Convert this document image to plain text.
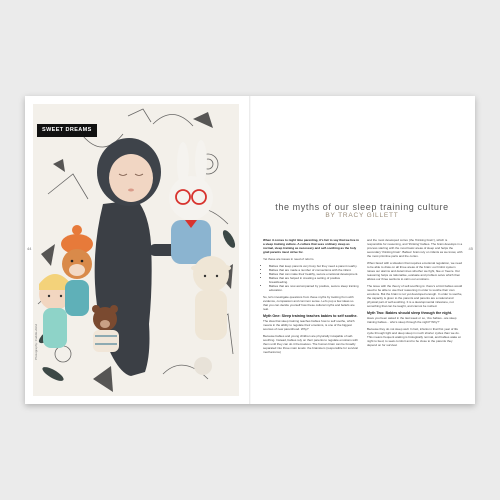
SWEET DREAMS
Photography: Cuddle+Kind
44	45
the myths of our sleep training culture
BY TRACY GILLETT

When it comes to night time parenting, it's fair to say that we live in a sleep training culture. A culture that sees ordinary sleep as normal, sleep training as necessary and self-soothing as the holy grail parents must strive for.

Yet these are issues in need of reform.

• Babies that keep parents very busy but they need a parent nearby.
• Babies that are made a number of connections with the infant.
• Babies that can make their healthy, secure emotional development.
• Babies that are helped in creating a setting of positive breastfeeding.
• Babies that are now accompanied by positive, secure sleep training education.

So, let's investigate questions from these myths by looking from with evidence, compassion and common sense. Let's pop a few ideas so that you can decide yourself how these cultural myths and beliefs are real.

Myth One: Sleep training teaches babies to self soothe.

The idea that sleep training teaches babies how to self soothe, which means in the ability to regulate their emotions, is one of the biggest sources of new parenthood. Why?

Because babies and young children are physically incapable of self-soothing. Instead, babies rely on their parents to regulate emotions with them until they can do it themselves. The human brain can be broadly separated into three main levels: the brainstem (responsible for survival mechanisms)

and the most developed cortex (the 'thinking brain'), which is responsible for reasoning, and 'thinking' babies. The brain develops in a process starting with the most basic areas of sleep and helps the secondary 'thinking brain'. Babies' brain rely on infants as we know, with the most primitive parts and the cortex.

When faced with a situation that requires emotional regulation, we need to be able to draw on all three areas of the brain: our limbic system raises our alarms and determines whether we fight, flee or freeze. Our reasoning helps us rationalise, evaluate and problem solve which then allows our three sections to calm our emotions.

The issue with the theory of self-soothing is: there's a limit babies would need to be able to use their reasoning in order to soothe their own emotions. But the brain is not yet developed enough. In order to soothe, the capacity is given to the parents and parents are a natural and physical part of self-soothing. It is a developmental milestone, not something that can be taught, and cannot be rushed.

Myth Two: Babies should sleep through the night.

Have you been asked in the last week or so, 'Are babies...are sleep training babies... who's sleep through the night? Why?'

Because they do not sleep well. In fact, infants in that first year of life cycle through light and deep sleep in much shorter cycles than we do. This means frequent waking is biologically normal, and babies wake at night to feed, to seek comfort and to be close to the parents they depend on for survival.
